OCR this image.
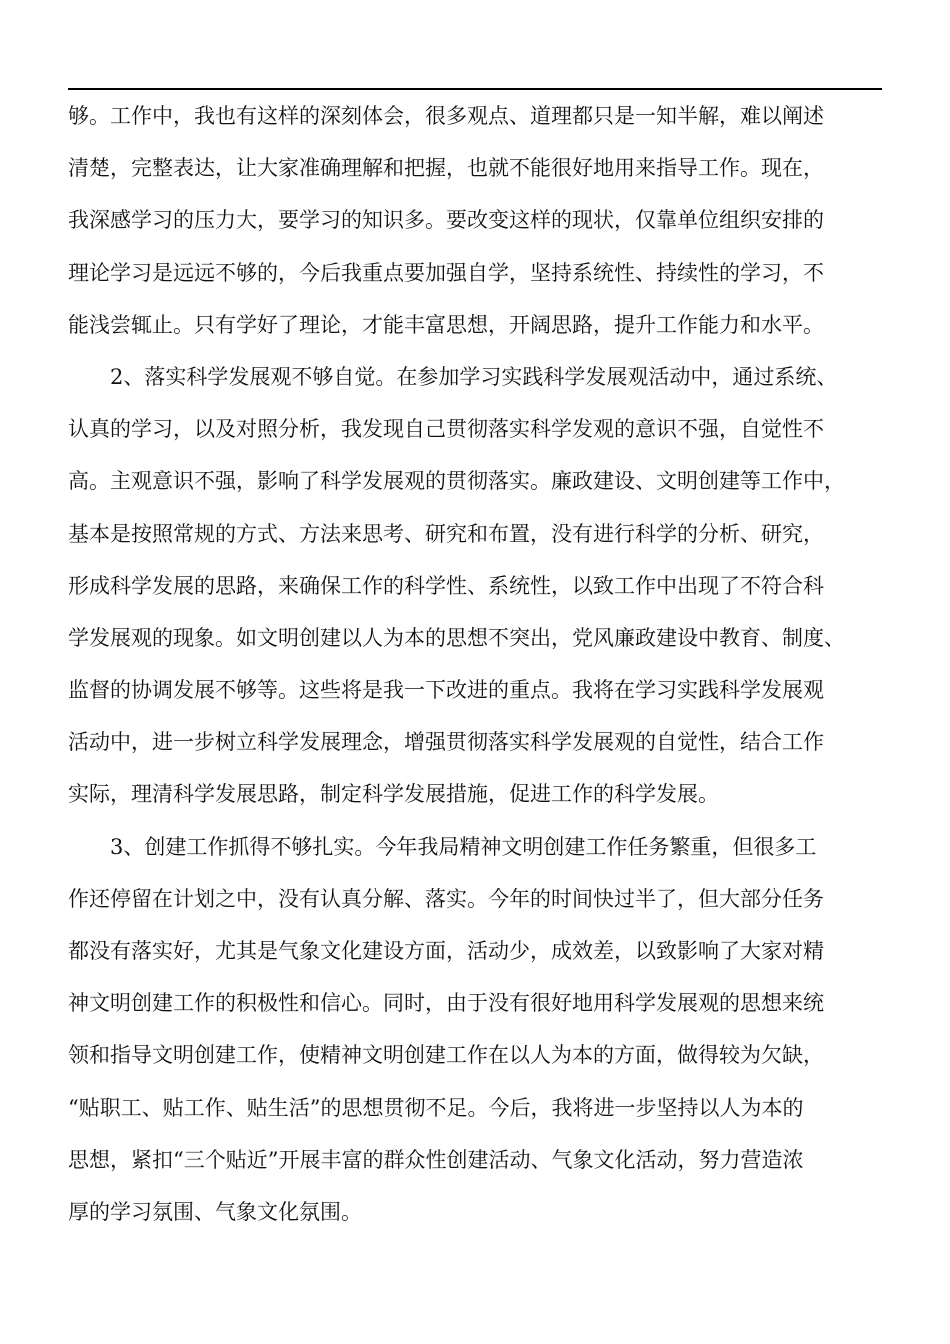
够。工作中，我也有这样的深刻体会，很多观点、道理都只是一知半解，难以阐述
清楚，完整表达，让大家准确理解和把握，也就不能很好地用来指导工作。现在，
我深感学习的压力大，要学习的知识多。要改变这样的现状，仅靠单位组织安排的
理论学习是远远不够的，今后我重点要加强自学，坚持系统性、持续性的学习，不
能浅尝辄止。只有学好了理论，才能丰富思想，开阔思路，提升工作能力和水平。
2、落实科学发展观不够自觉。在参加学习实践科学发展观活动中，通过系统、
认真的学习，以及对照分析，我发现自己贯彻落实科学发观的意识不强，自觉性不
高。主观意识不强，影响了科学发展观的贯彻落实。廉政建设、文明创建等工作中，
基本是按照常规的方式、方法来思考、研究和布置，没有进行科学的分析、研究，
形成科学发展的思路，来确保工作的科学性、系统性，以致工作中出现了不符合科
学发展观的现象。如文明创建以人为本的思想不突出，党风廉政建设中教育、制度、
监督的协调发展不够等。这些将是我一下改进的重点。我将在学习实践科学发展观
活动中，进一步树立科学发展理念，增强贯彻落实科学发展观的自觉性，结合工作
实际，理清科学发展思路，制定科学发展措施，促进工作的科学发展。
3、创建工作抓得不够扎实。今年我局精神文明创建工作任务繁重，但很多工
作还停留在计划之中，没有认真分解、落实。今年的时间快过半了，但大部分任务
都没有落实好，尤其是气象文化建设方面，活动少，成效差，以致影响了大家对精
神文明创建工作的积极性和信心。同时，由于没有很好地用科学发展观的思想来统
领和指导文明创建工作，使精神文明创建工作在以人为本的方面，做得较为欠缺，
“贴职工、贴工作、贴生活”的思想贯彻不足。今后，我将进一步坚持以人为本的
思想，紧扣“三个贴近”开展丰富的群众性创建活动、气象文化活动，努力营造浓
厚的学习氛围、气象文化氛围。
